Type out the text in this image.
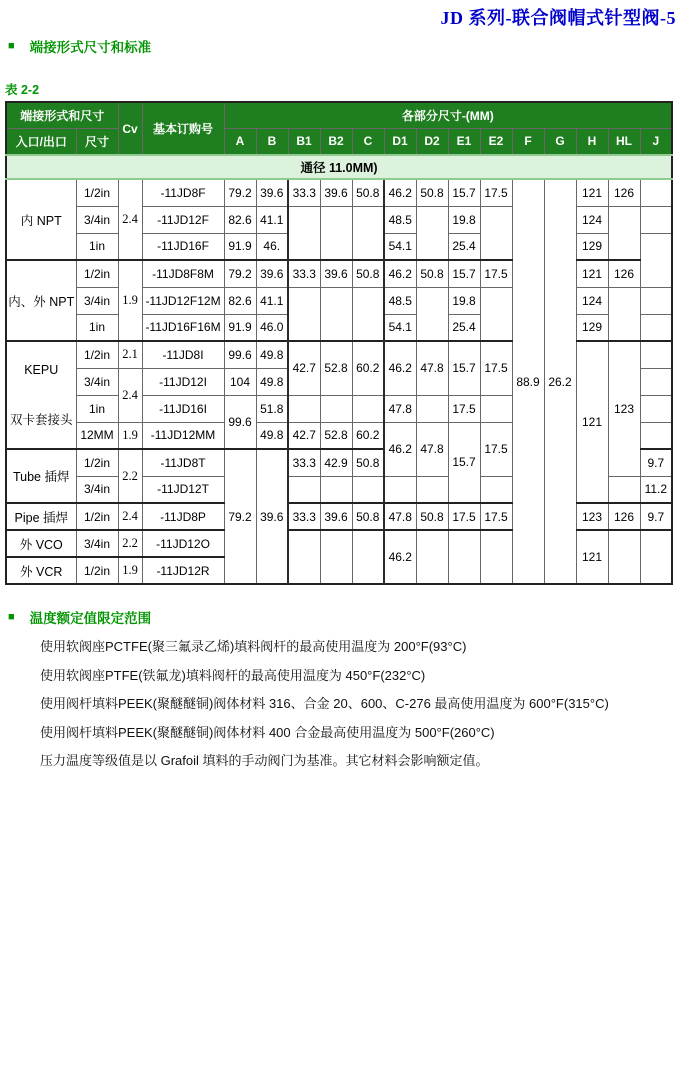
JD 系列-联合阀帽式针型阀-5
■ 端接形式尺寸和标准
表 2-2
端接形式和尺寸		Cv	基本订购号	各部分尺寸-(MM)													
入口/出口	尺寸			A	B	B1	B2	C	D1	D2	E1	E2	F	G	H	HL	J
通径 11.0MM)																	
内 NPT	1/2in	2.4	-11JD8F	79.2	39.6	33.3	39.6	50.8	46.2	50.8	15.7	17.5	88.9	26.2	121	126	
	3/4in		-11JD12F	82.6	41.1				48.5		19.8				124		
	1in		-11JD16F	91.9	46.				54.1		25.4				129		
内、外 NPT	1/2in	1.9	-11JD8F8M	79.2	39.6	33.3	39.6	50.8	46.2	50.8	15.7	17.5			121	126	
	3/4in		-11JD12F12M	82.6	41.1				48.5		19.8				124		
	1in		-11JD16F16M	91.9	46.0				54.1		25.4				129		
KEPU
双卡套接头	1/2in	2.1	-11JD8I	99.6	49.8	42.7	52.8	60.2	46.2	47.8	15.7	17.5			121	123	
	3/4in	2.4	-11JD12I	104	49.8												
	1in		-11JD16I	99.6	51.8				47.8		17.5						
	12MM	1.9	-11JD12MM		49.8	42.7	52.8	60.2	46.2	47.8	15.7	17.5					
Tube 插焊	1/2in	2.2	-11JD8T	79.2	39.6	33.3	42.9	50.8									9.7
	3/4in		-11JD12T														11.2
Pipe 插焊	1/2in	2.4	-11JD8P			33.3	39.6	50.8	47.8	50.8	17.5	17.5			123	126	9.7
外 VCO	3/4in	2.2	-11JD12O						46.2						121		
外 VCR	1/2in	1.9	-11JD12R														
■ 温度额定值限定范围

使用软阀座PCTFE(聚三氟录乙烯)填料阀杆的最高使用温度为 200°F(93°C)

使用软阀座PTFE(铁氟龙)填料阀杆的最高使用温度为 450°F(232°C)

使用阀杆填料PEEK(聚醚醚铜)阀体材料 316、合金 20、600、C-276 最高使用温度为 600°F(315°C)

使用阀杆填料PEEK(聚醚醚铜)阀体材料 400 合金最高使用温度为 500°F(260°C)

压力温度等级值是以 Grafoil 填料的手动阀门为基准。其它材料会影响额定值。
